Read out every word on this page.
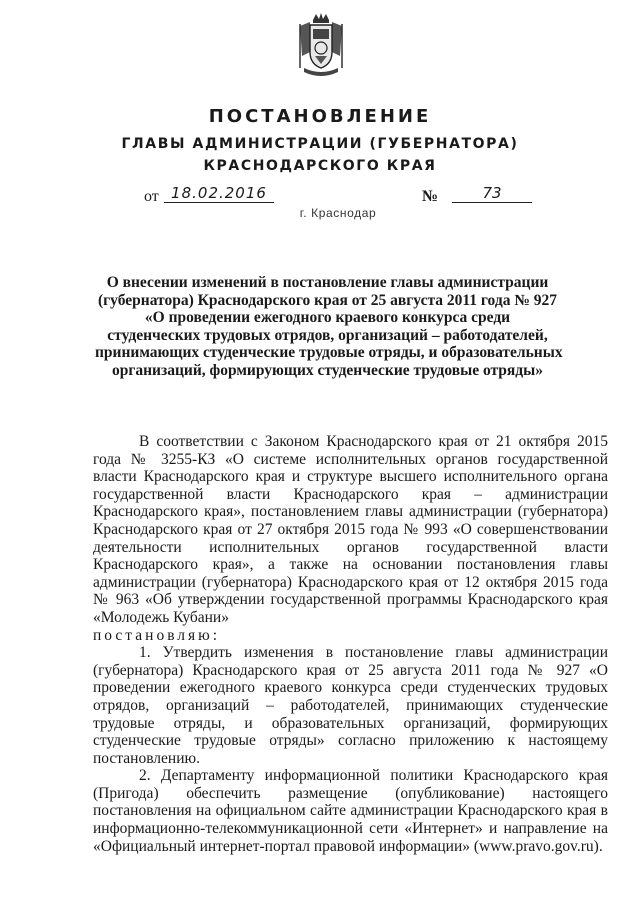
ПОСТАНОВЛЕНИЕ
ГЛАВЫ АДМИНИСТРАЦИИ (ГУБЕРНАТОРА)
КРАСНОДАРСКОГО КРАЯ
от 18.02.2016	№	73
г. Краснодар
О внесении изменений в постановление главы администрации
(губернатора) Краснодарского края от 25 августа 2011 года № 927
«О проведении ежегодного краевого конкурса среди
студенческих трудовых отрядов, организаций – работодателей,
принимающих студенческие трудовые отряды, и образовательных
организаций, формирующих студенческие трудовые отряды»

В соответствии с Законом Краснодарского края от 21 октября 2015 года № 3255-КЗ «О системе исполнительных органов государственной власти Краснодарского края и структуре высшего исполнительного органа государственной власти Краснодарского края – администрации Краснодарского края», постановлением главы администрации (губернатора) Краснодарского края от 27 октября 2015 года № 993 «О совершенствовании деятельности исполнительных органов государственной власти Краснодарского края», а также на основании постановления главы администрации (губернатора) Краснодарского края от 12 октября 2015 года № 963 «Об утверждении государственной программы Краснодарского края «Молодежь Кубани»

постановляю:

1. Утвердить изменения в постановление главы администрации (губернатора) Краснодарского края от 25 августа 2011 года № 927 «О проведении ежегодного краевого конкурса среди студенческих трудовых отрядов, организаций – работодателей, принимающих студенческие трудовые отряды, и образовательных организаций, формирующих студенческие трудовые отряды» согласно приложению к настоящему постановлению.

2. Департаменту информационной политики Краснодарского края (Пригода) обеспечить размещение (опубликование) настоящего постановления на официальном сайте администрации Краснодарского края в информационно-телекоммуникационной сети «Интернет» и направление на «Официальный интернет-портал правовой информации» (www.pravo.gov.ru).
